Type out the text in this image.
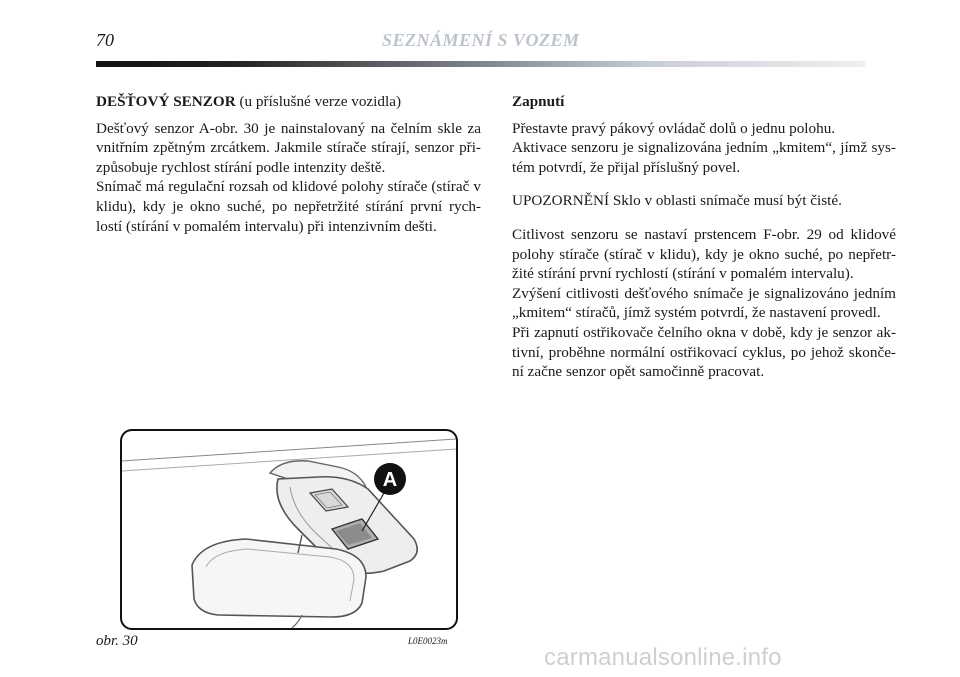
70	SEZNÁMENÍ S VOZEM

DEŠŤOVÝ SENZOR (u příslušné verze vozidla)

Dešťový senzor A-obr. 30 je nainstalovaný na čelním skle za vnitřním zpětným zrcátkem. Jakmile stírače stírají, senzor při-způsobuje rychlost stírání podle intenzity deště.

Snímač má regulační rozsah od klidové polohy stírače (stírač v klidu), kdy je okno suché, po nepřetržité stírání první rych-lostí (stírání v pomalém intervalu) při intenzivním dešti.

Zapnutí

Přestavte pravý pákový ovládač dolů o jednu polohu.

Aktivace senzoru je signalizována jedním „kmitem“, jímž sys-tém potvrdí, že přijal příslušný povel.

UPOZORNĚNÍ Sklo v oblasti snímače musí být čisté.

Citlivost senzoru se nastaví prstencem F-obr. 29 od klidové polohy stírače (stírač v klidu), kdy je okno suché, po nepřetr-žité stírání první rychlostí (stírání v pomalém intervalu).

Zvýšení citlivosti dešťového snímače je signalizováno jedním „kmitem“ stíračů, jímž systém potvrdí, že nastavení provedl.

Při zapnutí ostřikovače čelního okna v době, kdy je senzor ak-tivní, proběhne normální ostřikovací cyklus, po jehož skonče-ní začne senzor opět samočinně pracovat.

A
obr. 30	L0E0023m
carmanualsonline.info
